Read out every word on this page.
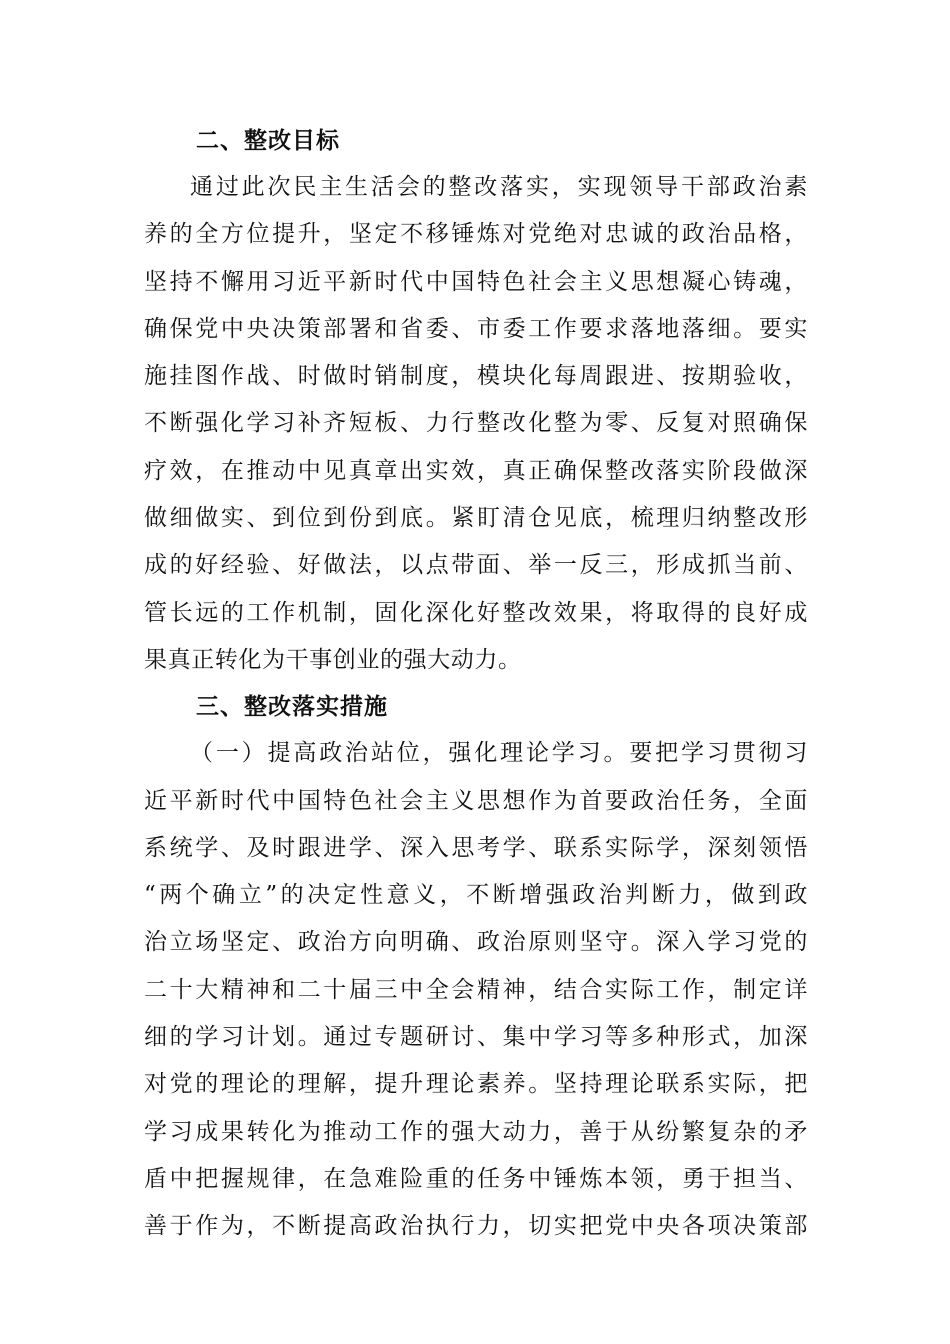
二、整改目标
通过此次民主生活会的整改落实，实现领导干部政治素
养的全方位提升，坚定不移锤炼对党绝对忠诚的政治品格，
坚持不懈用习近平新时代中国特色社会主义思想凝心铸魂，
确保党中央决策部署和省委、市委工作要求落地落细。要实
施挂图作战、时做时销制度，模块化每周跟进、按期验收，
不断强化学习补齐短板、力行整改化整为零、反复对照确保
疗效，在推动中见真章出实效，真正确保整改落实阶段做深
做细做实、到位到份到底。紧盯清仓见底，梳理归纳整改形
成的好经验、好做法，以点带面、举一反三，形成抓当前、
管长远的工作机制，固化深化好整改效果，将取得的良好成
果真正转化为干事创业的强大动力。
三、整改落实措施
（一）提高政治站位，强化理论学习。要把学习贯彻习
近平新时代中国特色社会主义思想作为首要政治任务，全面
系统学、及时跟进学、深入思考学、联系实际学，深刻领悟
“两个确立”的决定性意义，不断增强政治判断力，做到政
治立场坚定、政治方向明确、政治原则坚守。深入学习党的
二十大精神和二十届三中全会精神，结合实际工作，制定详
细的学习计划。通过专题研讨、集中学习等多种形式，加深
对党的理论的理解，提升理论素养。坚持理论联系实际，把
学习成果转化为推动工作的强大动力，善于从纷繁复杂的矛
盾中把握规律，在急难险重的任务中锤炼本领，勇于担当、
善于作为，不断提高政治执行力，切实把党中央各项决策部
